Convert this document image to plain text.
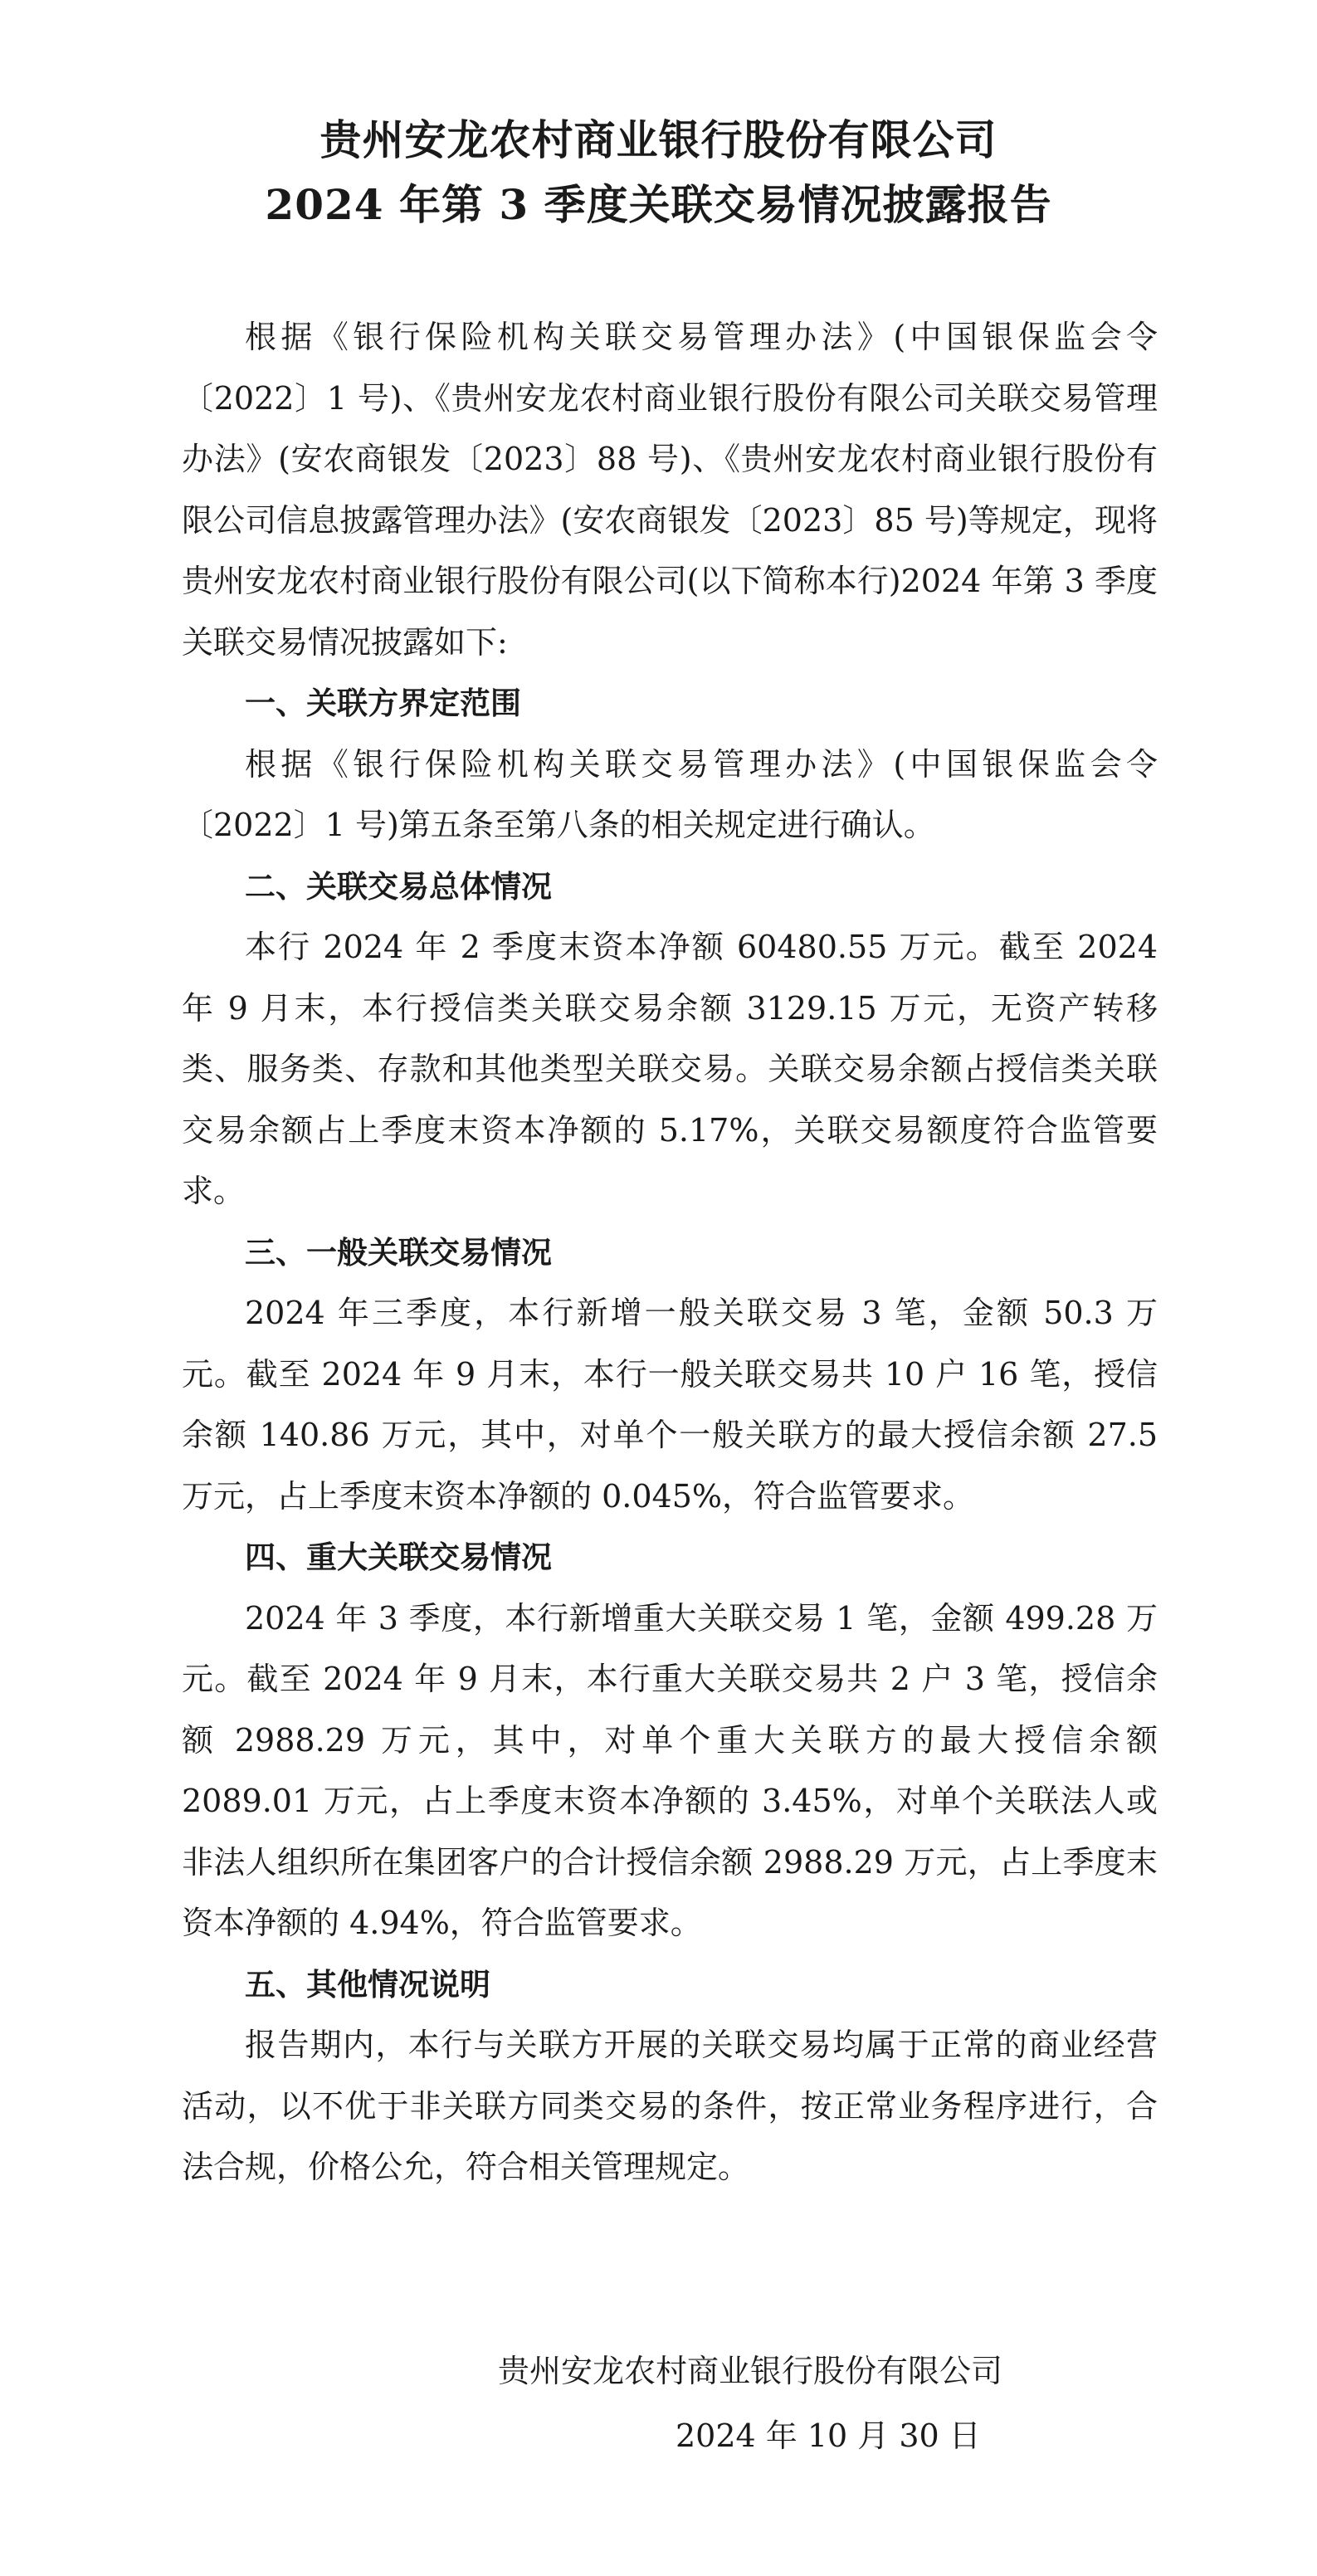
贵州安龙农村商业银行股份有限公司
2024 年第 3 季度关联交易情况披露报告

根据《银行保险机构关联交易管理办法》(中国银保监会令〔2022〕1 号)、《贵州安龙农村商业银行股份有限公司关联交易管理办法》(安农商银发〔2023〕88 号)、《贵州安龙农村商业银行股份有限公司信息披露管理办法》(安农商银发〔2023〕85 号)等规定，现将贵州安龙农村商业银行股份有限公司(以下简称本行)2024 年第 3 季度关联交易情况披露如下:

一、关联方界定范围

根据《银行保险机构关联交易管理办法》(中国银保监会令〔2022〕1 号)第五条至第八条的相关规定进行确认。

二、关联交易总体情况

本行 2024 年 2 季度末资本净额 60480.55 万元。截至 2024 年 9 月末，本行授信类关联交易余额 3129.15 万元，无资产转移类、服务类、存款和其他类型关联交易。关联交易余额占授信类关联交易余额占上季度末资本净额的 5.17%，关联交易额度符合监管要求。

三、一般关联交易情况

2024 年三季度，本行新增一般关联交易 3 笔，金额 50.3 万元。截至 2024 年 9 月末，本行一般关联交易共 10 户 16 笔，授信余额 140.86 万元，其中，对单个一般关联方的最大授信余额 27.5 万元，占上季度末资本净额的 0.045%，符合监管要求。

四、重大关联交易情况

2024 年 3 季度，本行新增重大关联交易 1 笔，金额 499.28 万元。截至 2024 年 9 月末，本行重大关联交易共 2 户 3 笔，授信余额 2988.29 万元，其中，对单个重大关联方的最大授信余额 2089.01 万元，占上季度末资本净额的 3.45%，对单个关联法人或非法人组织所在集团客户的合计授信余额 2988.29 万元，占上季度末资本净额的 4.94%，符合监管要求。

五、其他情况说明

报告期内，本行与关联方开展的关联交易均属于正常的商业经营活动，以不优于非关联方同类交易的条件，按正常业务程序进行，合法合规，价格公允，符合相关管理规定。

贵州安龙农村商业银行股份有限公司
2024 年 10 月 30 日
